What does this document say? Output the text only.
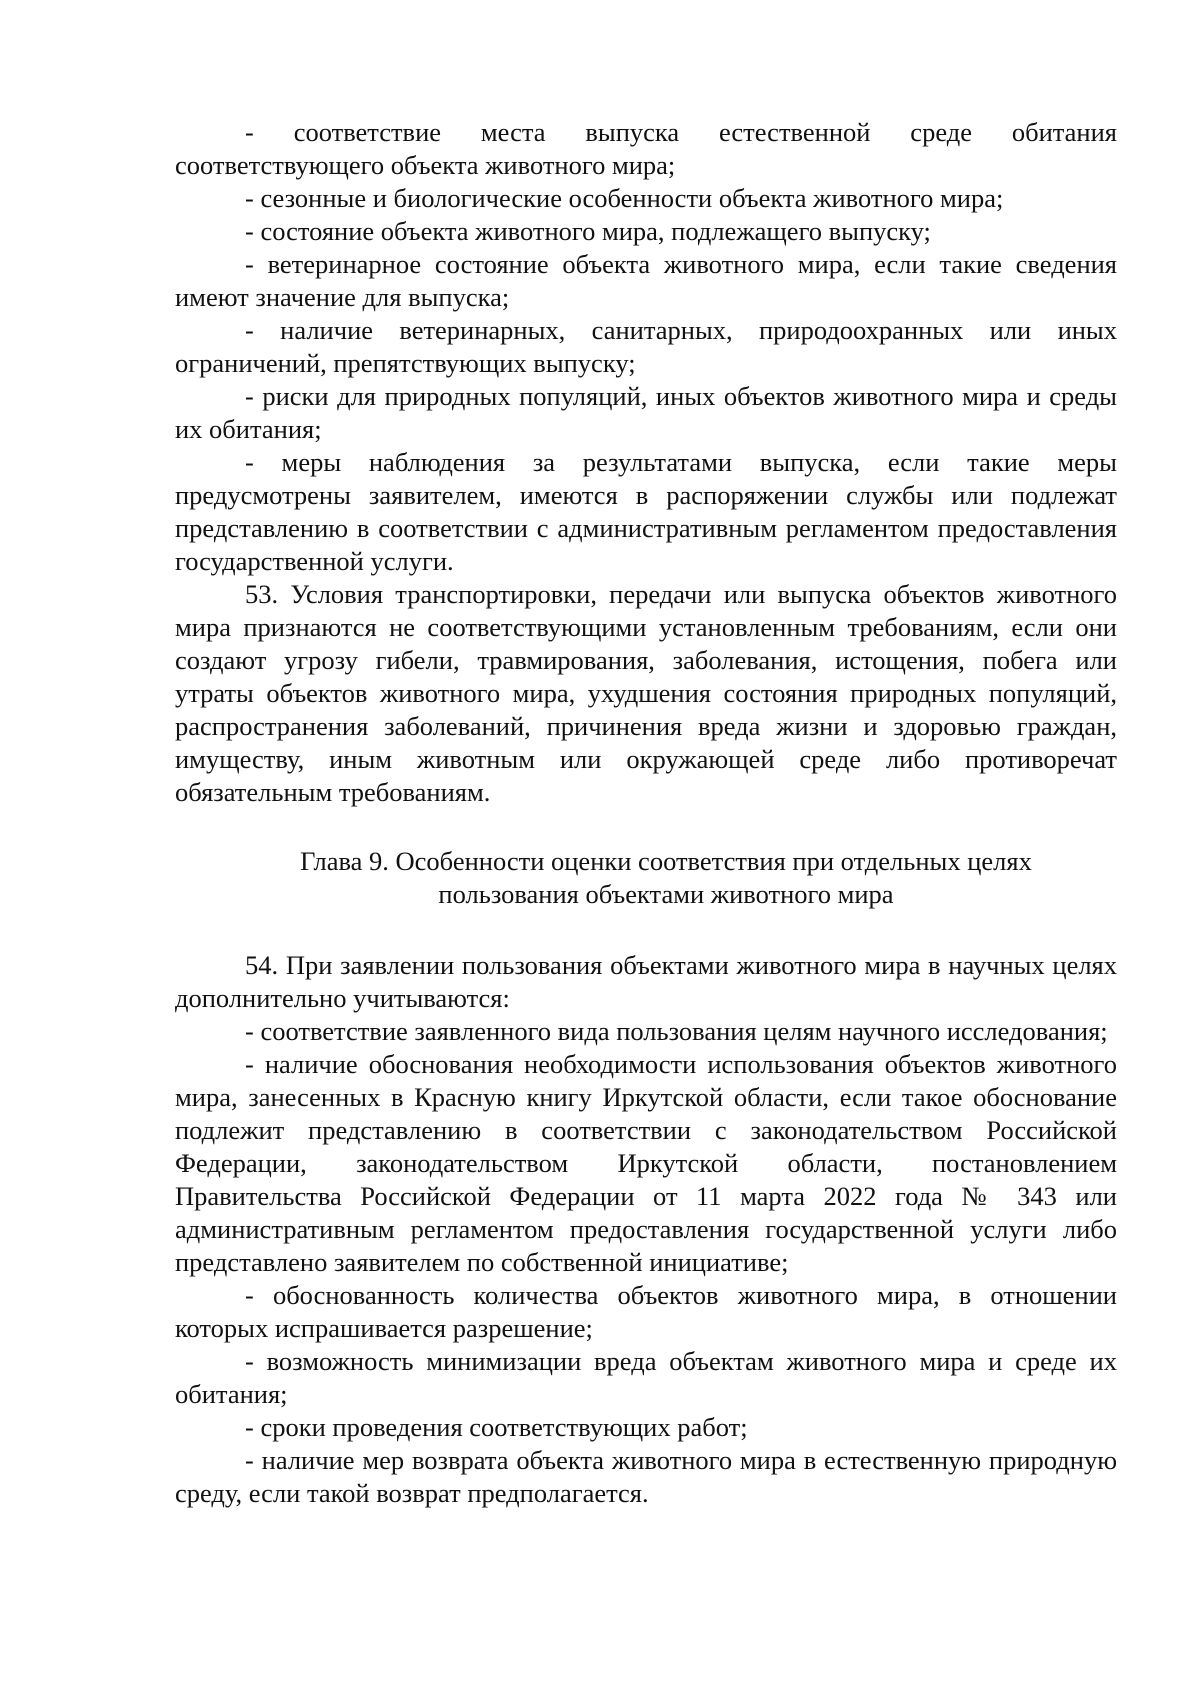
- соответствие места выпуска естественной среде обитания соответствующего объекта животного мира;

- сезонные и биологические особенности объекта животного мира;

- состояние объекта животного мира, подлежащего выпуску;

- ветеринарное состояние объекта животного мира, если такие сведения имеют значение для выпуска;

- наличие ветеринарных, санитарных, природоохранных или иных ограничений, препятствующих выпуску;

- риски для природных популяций, иных объектов животного мира и среды их обитания;

- меры наблюдения за результатами выпуска, если такие меры предусмотрены заявителем, имеются в распоряжении службы или подлежат представлению в соответствии с административным регламентом предоставления государственной услуги.

53. Условия транспортировки, передачи или выпуска объектов животного мира признаются не соответствующими установленным требованиям, если они создают угрозу гибели, травмирования, заболевания, истощения, побега или утраты объектов животного мира, ухудшения состояния природных популяций, распространения заболеваний, причинения вреда жизни и здоровью граждан, имуществу, иным животным или окружающей среде либо противоречат обязательным требованиям.

Глава 9. Особенности оценки соответствия при отдельных целях
пользования объектами животного мира

54. При заявлении пользования объектами животного мира в научных целях дополнительно учитываются:

- соответствие заявленного вида пользования целям научного исследования;

- наличие обоснования необходимости использования объектов животного мира, занесенных в Красную книгу Иркутской области, если такое обоснование подлежит представлению в соответствии с законодательством Российской Федерации, законодательством Иркутской области, постановлением Правительства Российской Федерации от 11 марта 2022 года № 343 или административным регламентом предоставления государственной услуги либо представлено заявителем по собственной инициативе;

- обоснованность количества объектов животного мира, в отношении которых испрашивается разрешение;

- возможность минимизации вреда объектам животного мира и среде их обитания;

- сроки проведения соответствующих работ;

- наличие мер возврата объекта животного мира в естественную природную среду, если такой возврат предполагается.
